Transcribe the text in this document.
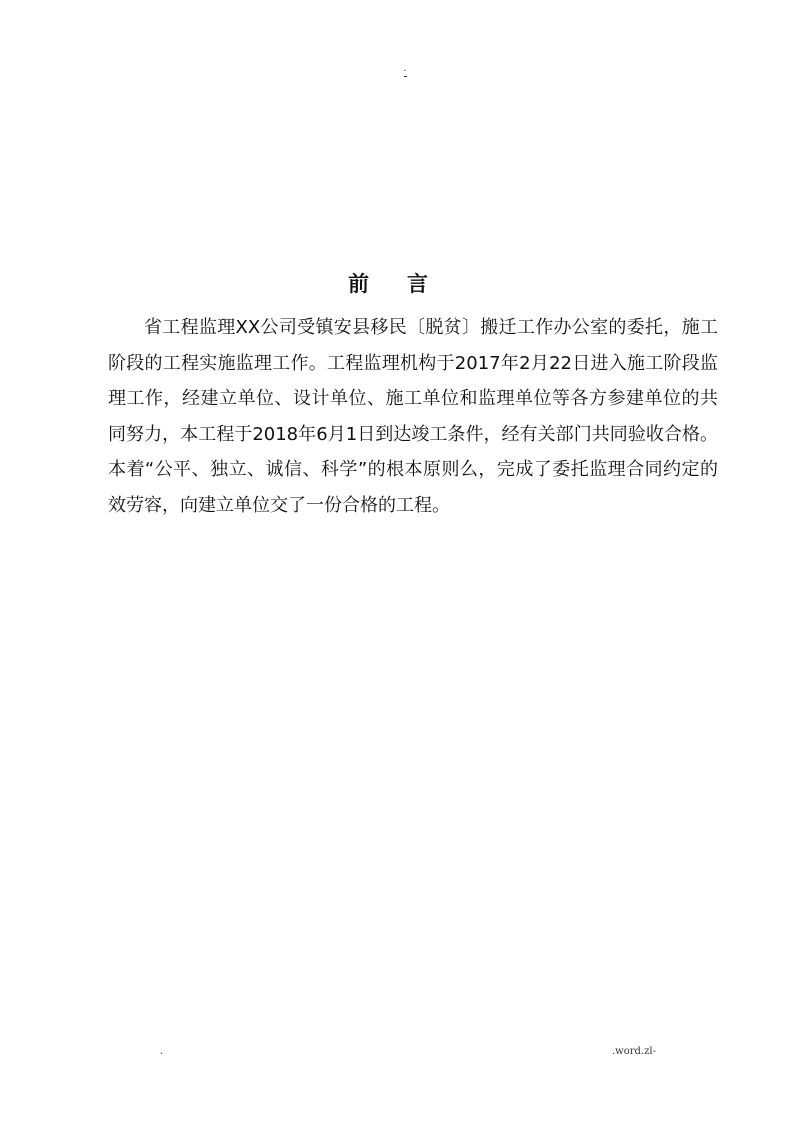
.
前言

省工程监理XX公司受镇安县移民〔脱贫〕搬迁工作办公室的委托，施工阶段的工程实施监理工作。工程监理机构于2017年2月22日进入施工阶段监理工作，经建立单位、设计单位、施工单位和监理单位等各方参建单位的共同努力，本工程于2018年6月1日到达竣工条件，经有关部门共同验收合格。本着“公平、独立、诚信、科学”的根本原则么，完成了委托监理合同约定的效劳容，向建立单位交了一份合格的工程。

.	.word.zl-
